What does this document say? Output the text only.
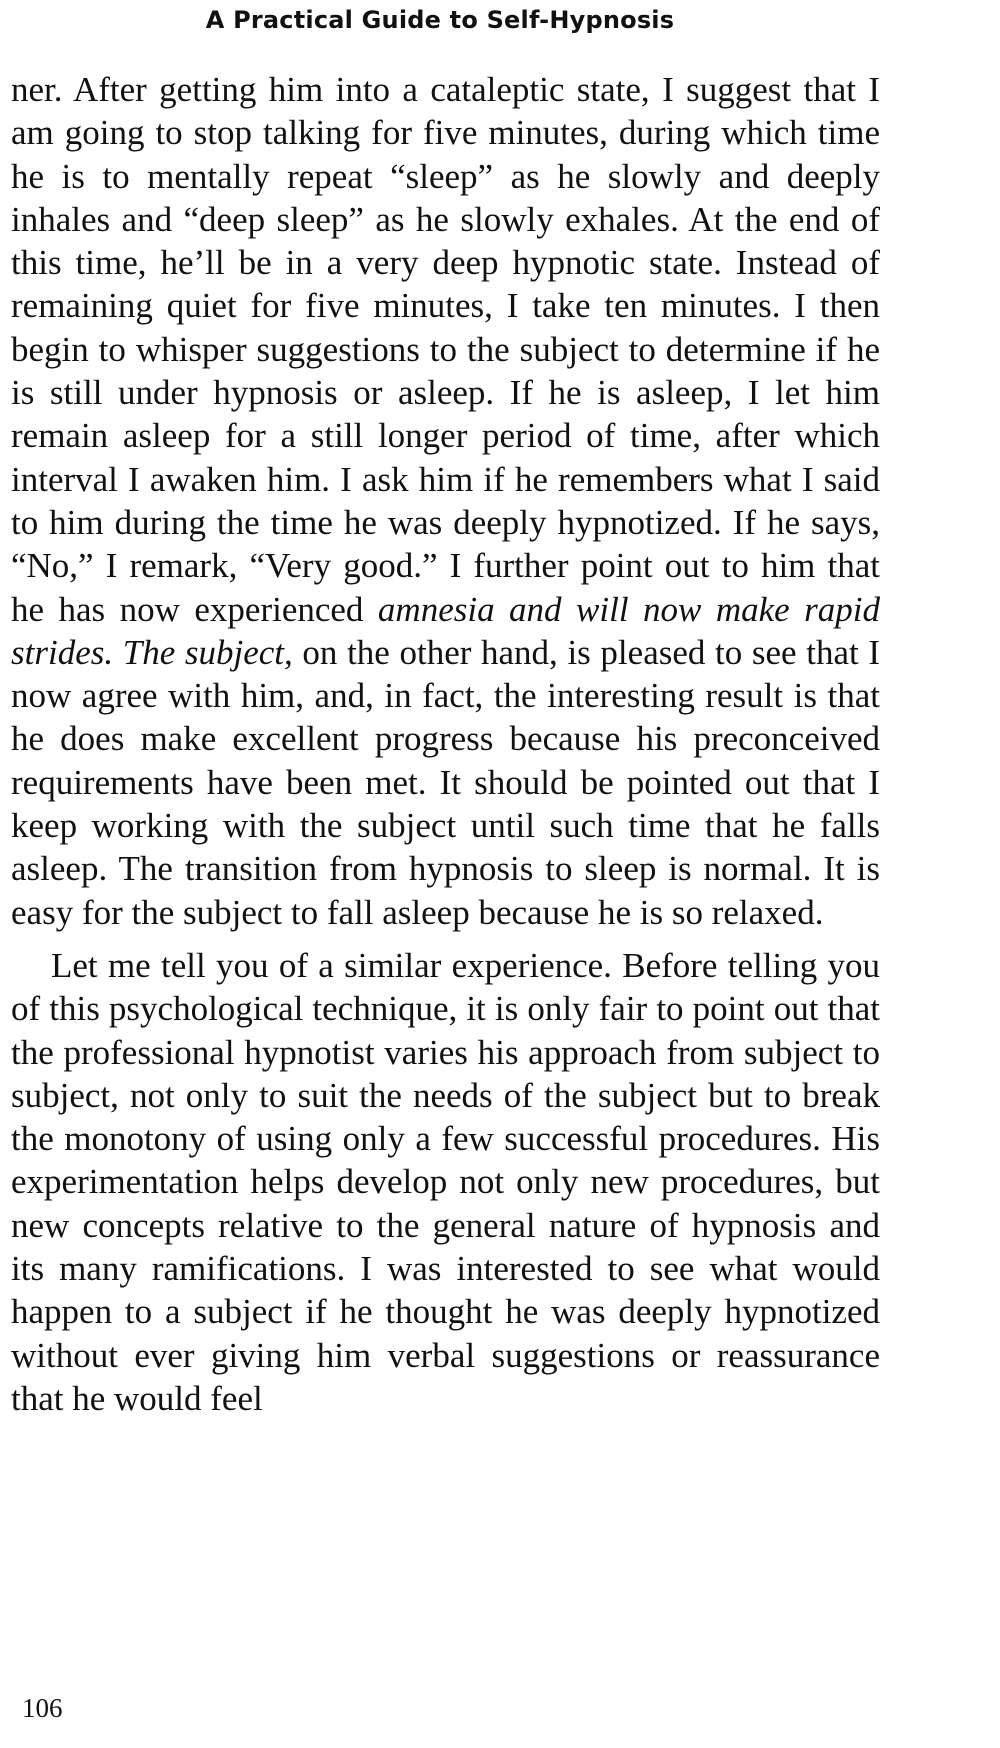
A Practical Guide to Self-Hypnosis

ner. After getting him into a cataleptic state, I suggest that I am going to stop talking for five minutes, during which time he is to mentally repeat “sleep” as he slowly and deeply inhales and “deep sleep” as he slowly exhales. At the end of this time, he’ll be in a very deep hypnotic state. Instead of remaining quiet for five minutes, I take ten minutes. I then begin to whisper suggestions to the subject to determine if he is still under hypnosis or asleep. If he is asleep, I let him remain asleep for a still longer period of time, after which interval I awaken him. I ask him if he remembers what I said to him during the time he was deeply hypnotized. If he says, “No,” I remark, “Very good.” I further point out to him that he has now experienced amnesia and will now make rapid strides. The subject, on the other hand, is pleased to see that I now agree with him, and, in fact, the interesting result is that he does make excellent progress because his preconceived requirements have been met. It should be pointed out that I keep working with the subject until such time that he falls asleep. The transition from hypnosis to sleep is normal. It is easy for the subject to fall asleep because he is so relaxed.

Let me tell you of a similar experience. Before telling you of this psychological technique, it is only fair to point out that the professional hypnotist varies his approach from subject to subject, not only to suit the needs of the subject but to break the monotony of using only a few successful procedures. His experimentation helps develop not only new procedures, but new concepts relative to the general nature of hypnosis and its many ramifications. I was interested to see what would happen to a subject if he thought he was deeply hypnotized without ever giving him verbal suggestions or reassurance that he would feel

106
